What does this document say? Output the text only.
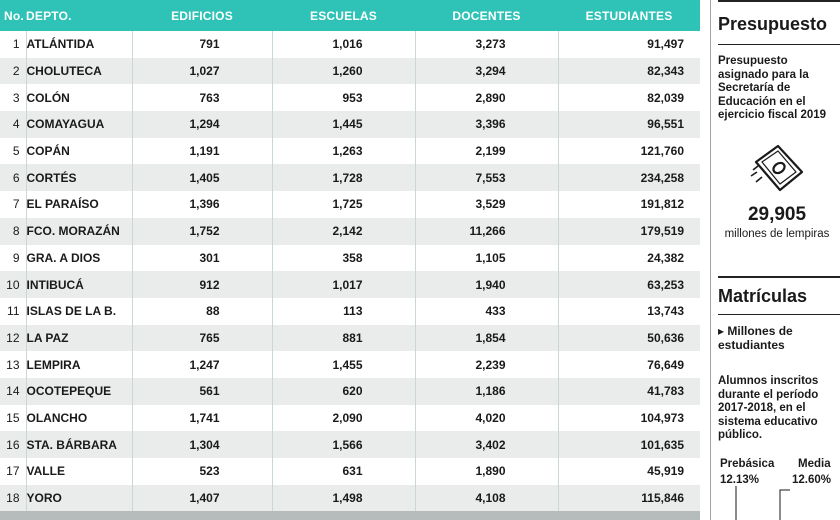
No.	DEPTO.	EDIFICIOS	ESCUELAS	DOCENTES	ESTUDIANTES
1	ATLÁNTIDA	791	1,016	3,273	91,497
2	CHOLUTECA	1,027	1,260	3,294	82,343
3	COLÓN	763	953	2,890	82,039
4	COMAYAGUA	1,294	1,445	3,396	96,551
5	COPÁN	1,191	1,263	2,199	121,760
6	CORTÉS	1,405	1,728	7,553	234,258
7	EL PARAÍSO	1,396	1,725	3,529	191,812
8	FCO. MORAZÁN	1,752	2,142	11,266	179,519
9	GRA. A DIOS	301	358	1,105	24,382
10	INTIBUCÁ	912	1,017	1,940	63,253
11	ISLAS DE LA B.	88	113	433	13,743
12	LA PAZ	765	881	1,854	50,636
13	LEMPIRA	1,247	1,455	2,239	76,649
14	OCOTEPEQUE	561	620	1,186	41,783
15	OLANCHO	1,741	2,090	4,020	104,973
16	STA. BÁRBARA	1,304	1,566	3,402	101,635
17	VALLE	523	631	1,890	45,919
18	YORO	1,407	1,498	4,108	115,846
Presupuesto
Presupuesto asignado para la Secretaría de Educación en el ejercicio fiscal 2019
29,905
millones de lempiras
Matrículas
▸ Millones de estudiantes
Alumnos inscritos durante el período 2017-2018, en el sistema educativo público.
Prebásica Media
12.13%	12.60%
